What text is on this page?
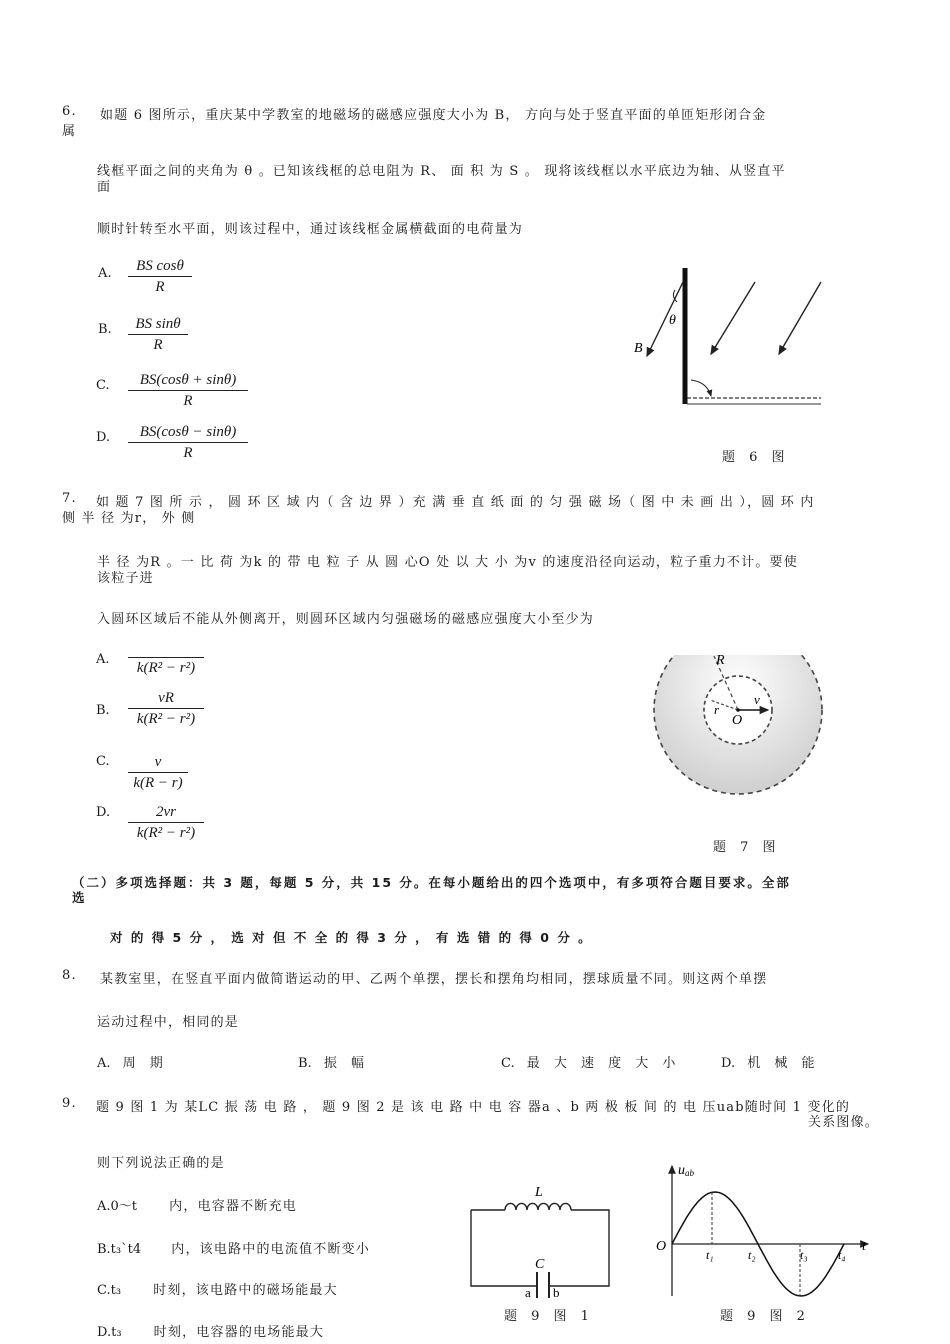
6. 如题 6 图所示，重庆某中学教室的地磁场的磁感应强度大小为 B， 方向与处于竖直平面的单匝矩形闭合金
属
线框平面之间的夹角为 θ 。已知该线框的总电阻为 R、 面 积 为 S 。 现将该线框以水平底边为轴、从竖直平
面
顺时针转至水平面，则该过程中，通过该线框金属横截面的电荷量为
A. $\frac{\text{BS cosθ}}{R}$
B. $\frac{\text{BS sinθ}}{R}$
C. $\frac{BS(\cos\theta + \sin\theta)}{R}$
D. $\frac{BS(\cos\theta - \sin\theta)}{R}$
θ
B
题 6 图
7. 如 题 7 图 所 示 ， 圆 环 区 域 内（ 含 边 界 ）充 满 垂 直 纸 面 的 匀 强 磁 场（ 图 中 未 画 出 ），圆 环 内
侧 半 径 为r， 外 侧
半 径 为R 。一 比 荷 为k 的 带 电 粒 子 从 圆 心O 处 以 大 小 为v 的速度沿径向运动，粒子重力不计。要使
该粒子进
入圆环区域后不能从外侧离开，则圆环区域内匀强磁场的磁感应强度大小至少为
A.
k(R² − r²)
B. $\frac{vR}{\text{k(R² − r²)}}$
C. $\frac{v}{k(R - r)}$
D. $\frac{2vr}{\text{k(R² − r²)}}$
R
r
v
O
题 7 图
（二）多项选择题：共 3 题，每题 5 分，共 15 分。在每小题给出的四个选项中，有多项符合题目要求。全部
选
对 的 得 5 分 ， 选 对 但 不 全 的 得 3 分 ， 有 选 错 的 得 0 分 。
8. 某教室里，在竖直平面内做简谐运动的甲、乙两个单摆，摆长和摆角均相同，摆球质量不同。则这两个单摆
运动过程中，相同的是
A. 周 期	B. 振 幅	C. 最 大 速 度 大 小	D. 机 械 能
9. 题 9 图 1 为 某LC 振 荡 电 路 ， 题 9 图 2 是 该 电 路 中 电 容 器a 、b 两 极 板 间 的 电 压uab随时间 1 变化的
关系图像。
则下列说法正确的是
A.0～t 内，电容器不断充电
B.t₃`t4 内，该电路中的电流值不断变小
C.t₃ 时刻，该电路中的磁场能最大
D.t₃ 时刻，电容器的电场能最大
L
C
a b
题 9 图 1
uab
O	t
t₁	t₂	t₃	t₄
题 9 图 2
